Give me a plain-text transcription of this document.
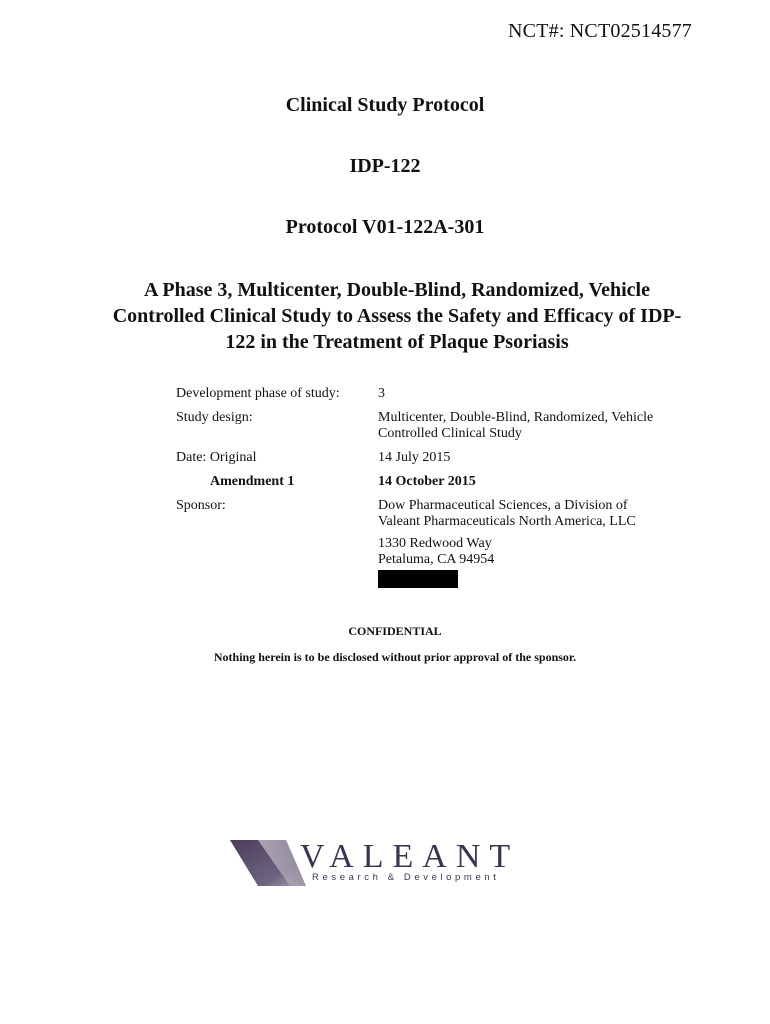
NCT#: NCT02514577
Clinical Study Protocol
IDP-122
Protocol V01-122A-301
A Phase 3, Multicenter, Double-Blind, Randomized, Vehicle Controlled Clinical Study to Assess the Safety and Efficacy of IDP-122 in the Treatment of Plaque Psoriasis
Development phase of study:	3
Study design:	Multicenter, Double-Blind, Randomized, Vehicle Controlled Clinical Study
Date: Original	14 July 2015
Amendment 1	14 October 2015
Sponsor:	Dow Pharmaceutical Sciences, a Division of Valeant Pharmaceuticals North America, LLC

1330 Redwood Way

Petaluma, CA 94954

CONFIDENTIAL
Nothing herein is to be disclosed without prior approval of the sponsor.
VALEANT
Research & Development
